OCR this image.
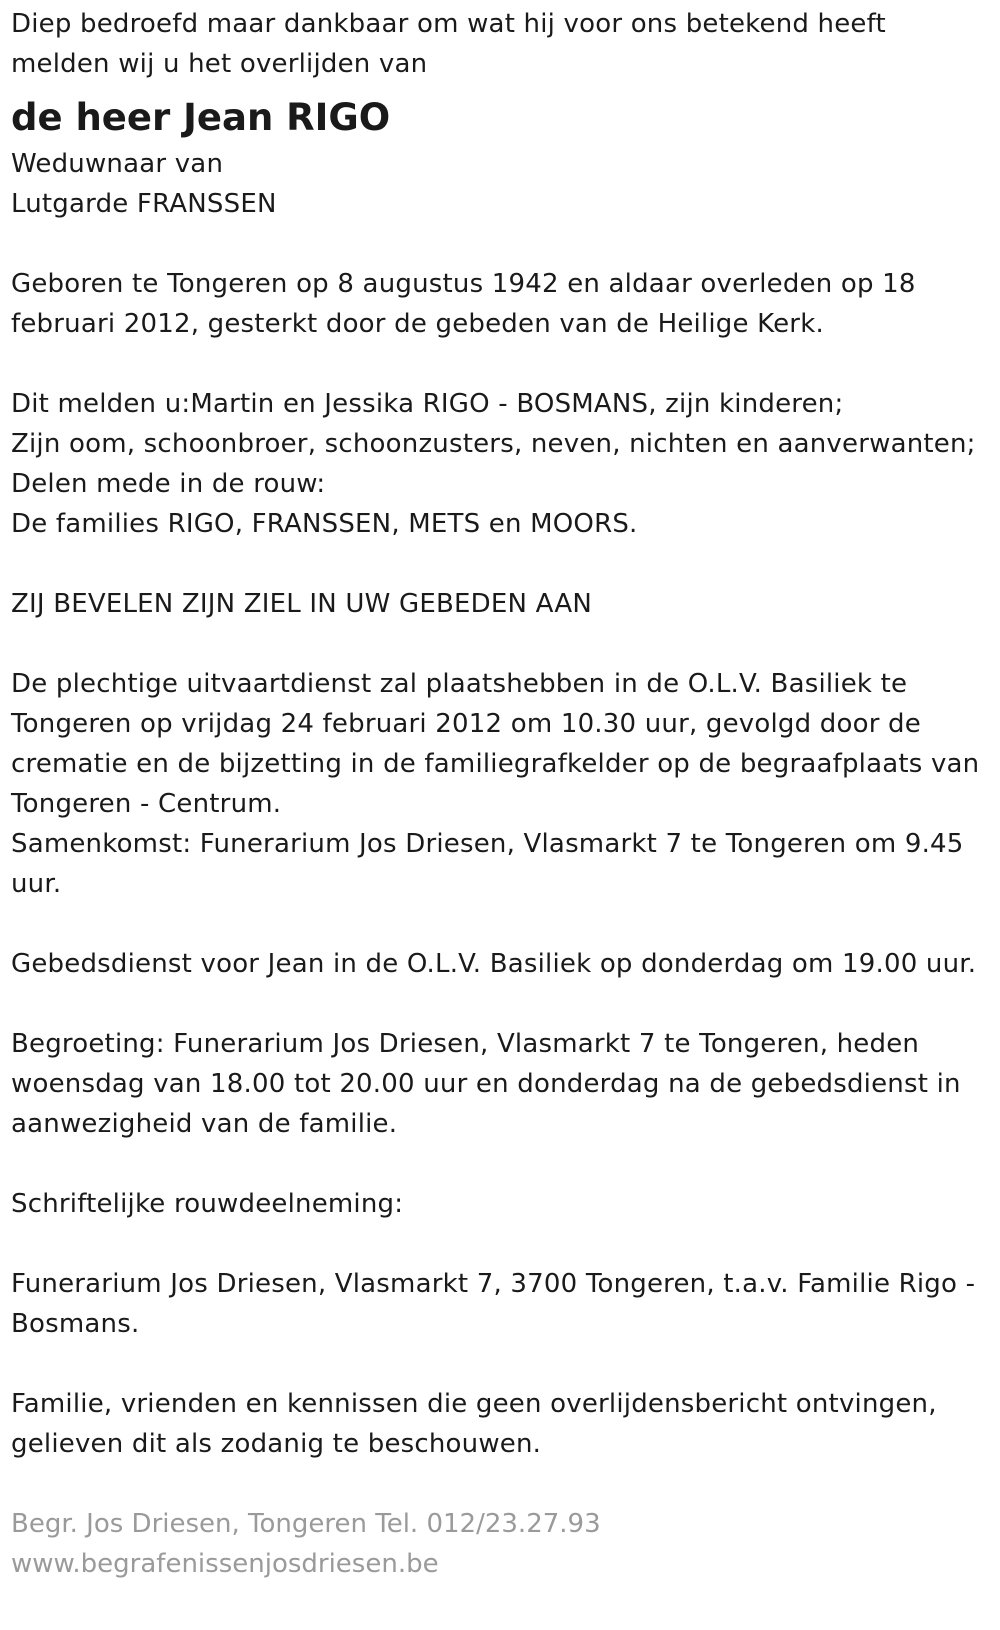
Diep bedroefd maar dankbaar om wat hij voor ons betekend heeft
melden wij u het overlijden van
de heer Jean RIGO
Weduwnaar van
Lutgarde FRANSSEN
Geboren te Tongeren op 8 augustus 1942 en aldaar overleden op 18
februari 2012, gesterkt door de gebeden van de Heilige Kerk.
Dit melden u:Martin en Jessika RIGO - BOSMANS, zijn kinderen;
Zijn oom, schoonbroer, schoonzusters, neven, nichten en aanverwanten;
Delen mede in de rouw:
De families RIGO, FRANSSEN, METS en MOORS.
ZIJ BEVELEN ZIJN ZIEL IN UW GEBEDEN AAN
De plechtige uitvaartdienst zal plaatshebben in de O.L.V. Basiliek te
Tongeren op vrijdag 24 februari 2012 om 10.30 uur, gevolgd door de
crematie en de bijzetting in de familiegrafkelder op de begraafplaats van
Tongeren - Centrum.
Samenkomst: Funerarium Jos Driesen, Vlasmarkt 7 te Tongeren om 9.45
uur.
Gebedsdienst voor Jean in de O.L.V. Basiliek op donderdag om 19.00 uur.
Begroeting: Funerarium Jos Driesen, Vlasmarkt 7 te Tongeren, heden
woensdag van 18.00 tot 20.00 uur en donderdag na de gebedsdienst in
aanwezigheid van de familie.
Schriftelijke rouwdeelneming:
Funerarium Jos Driesen, Vlasmarkt 7, 3700 Tongeren, t.a.v. Familie Rigo -
Bosmans.
Familie, vrienden en kennissen die geen overlijdensbericht ontvingen,
gelieven dit als zodanig te beschouwen.
Begr. Jos Driesen, Tongeren Tel. 012/23.27.93
www.begrafenissenjosdriesen.be
